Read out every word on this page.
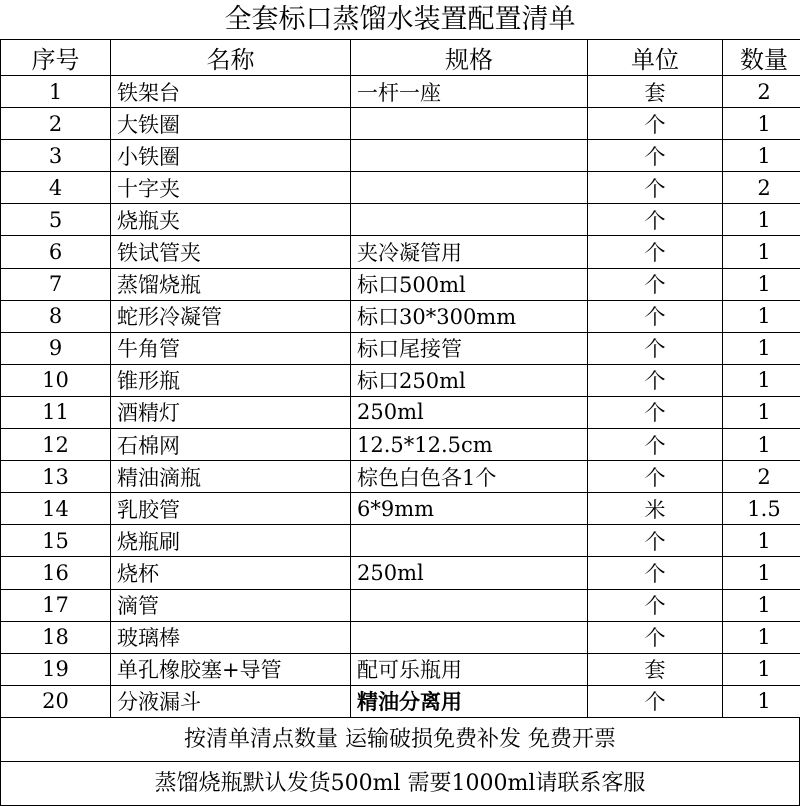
全套标口蒸馏水装置配置清单
序号	名称	规格	单位	数量
1	铁架台	一杆一座	套	2
2	大铁圈		个	1
3	小铁圈		个	1
4	十字夹		个	2
5	烧瓶夹		个	1
6	铁试管夹	夹冷凝管用	个	1
7	蒸馏烧瓶	标口500ml	个	1
8	蛇形冷凝管	标口30*300mm	个	1
9	牛角管	标口尾接管	个	1
10	锥形瓶	标口250ml	个	1
11	酒精灯	250ml	个	1
12	石棉网	12.5*12.5cm	个	1
13	精油滴瓶	棕色白色各1个	个	2
14	乳胶管	6*9mm	米	1.5
15	烧瓶刷		个	1
16	烧杯	250ml	个	1
17	滴管		个	1
18	玻璃棒		个	1
19	单孔橡胶塞+导管	配可乐瓶用	套	1
20	分液漏斗	精油分离用	个	1
按清单清点数量 运输破损免费补发 免费开票
蒸馏烧瓶默认发货500ml 需要1000ml请联系客服
